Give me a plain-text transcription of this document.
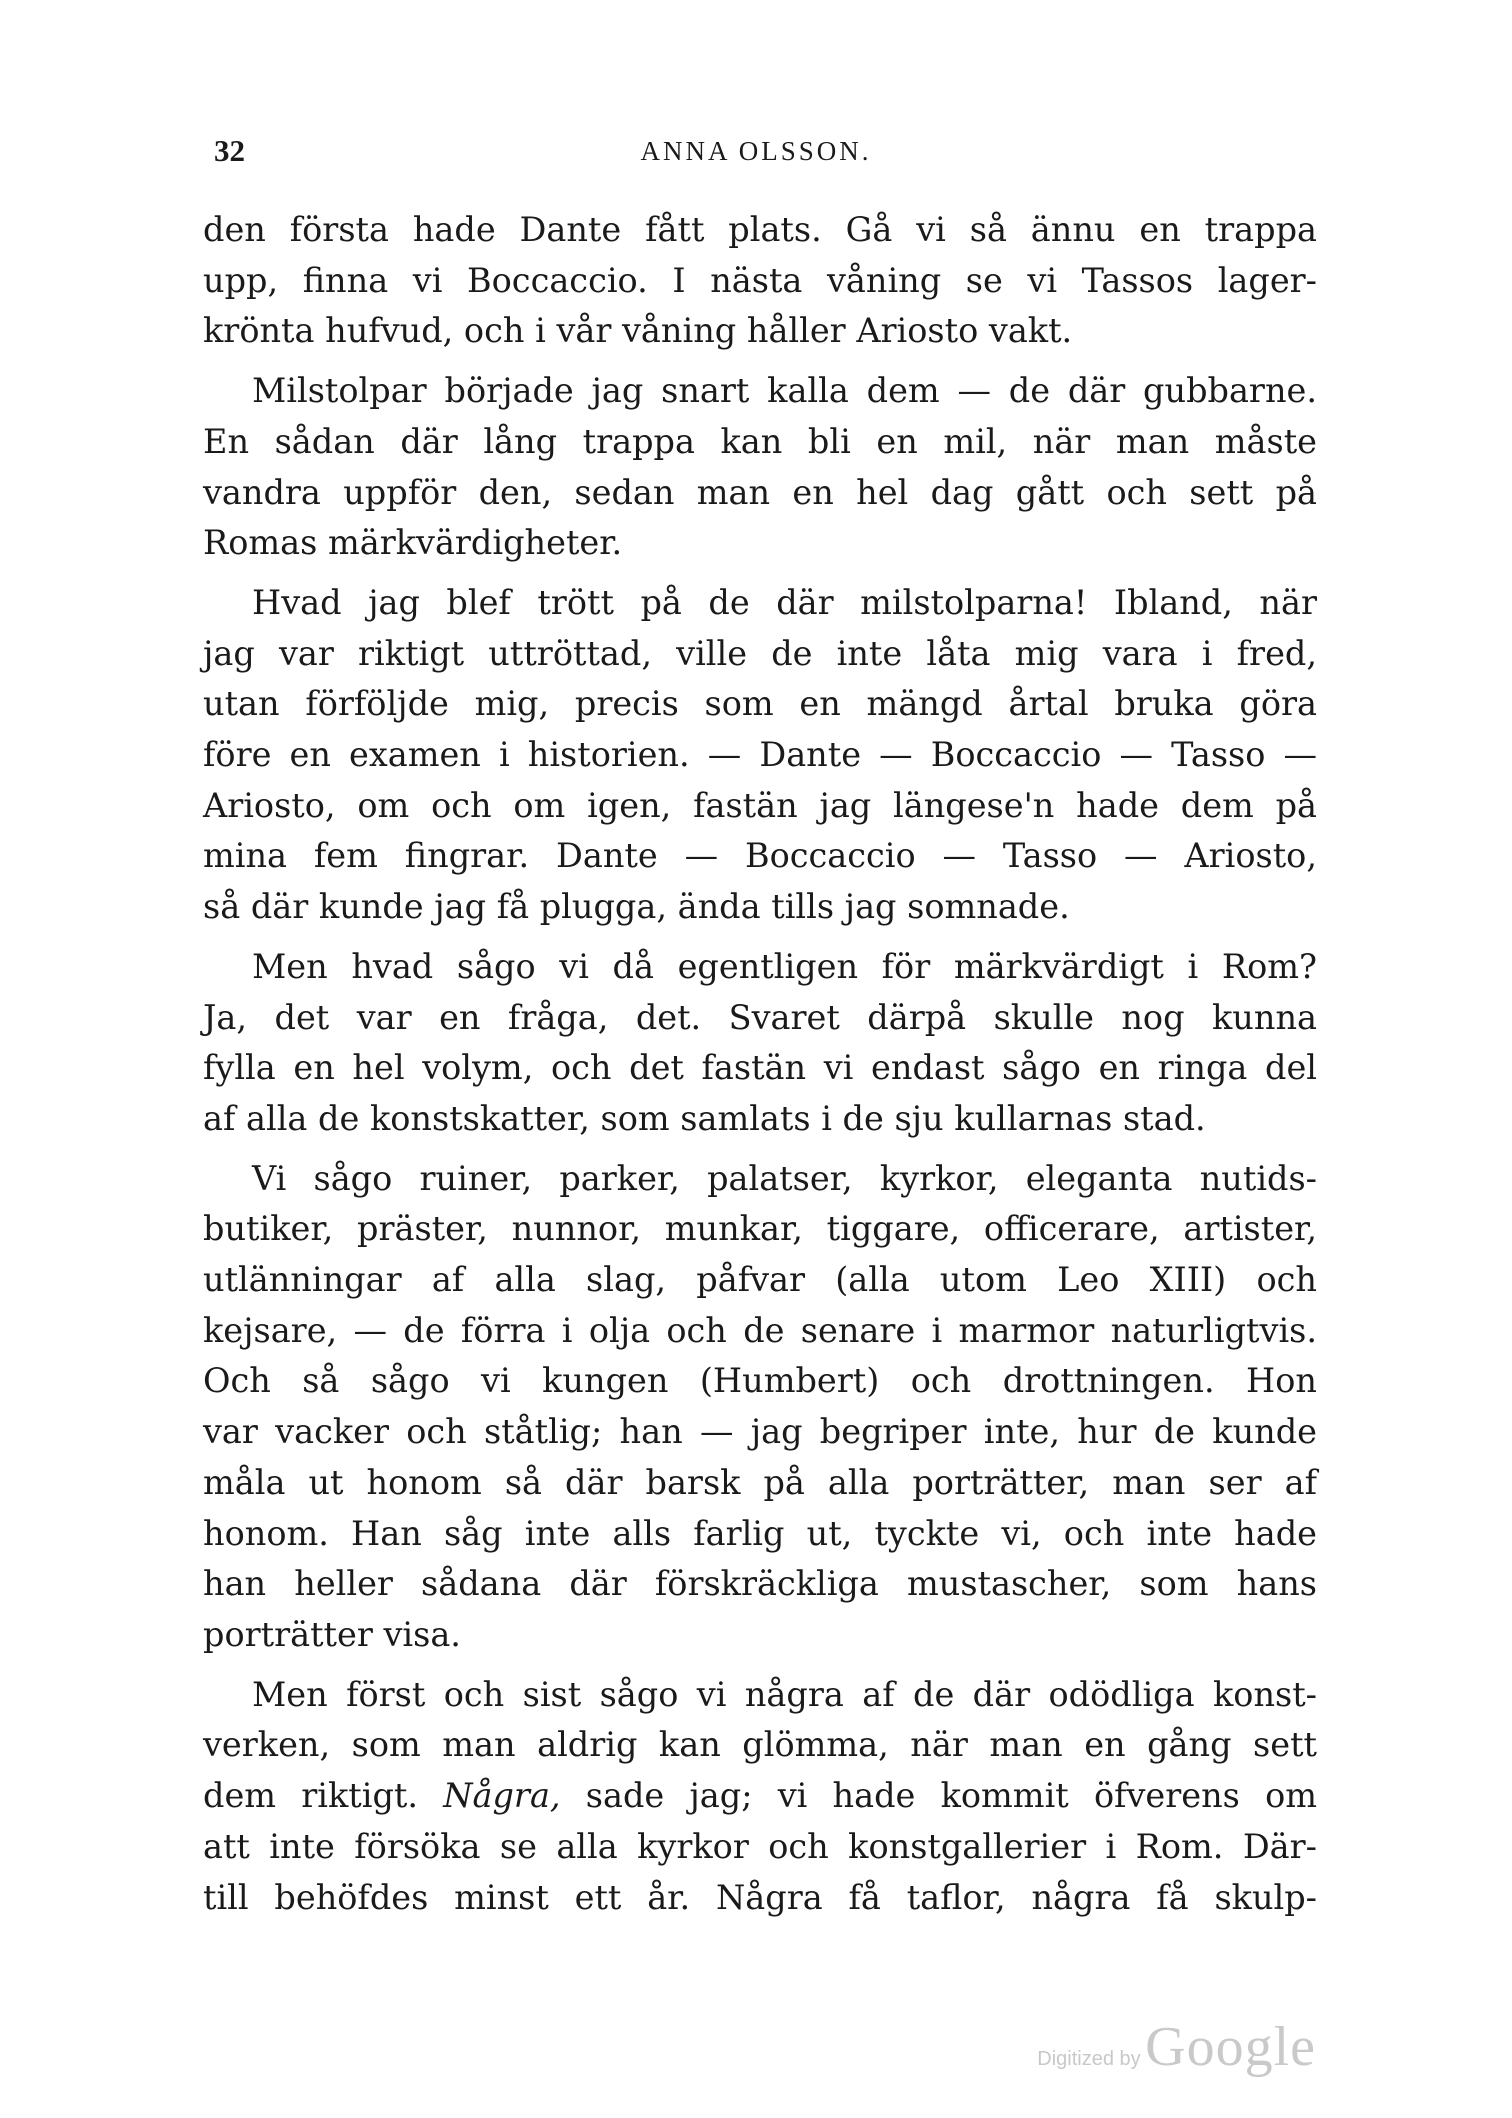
32	ANNA OLSSON.
den första hade Dante fått plats. Gå vi så ännu en trappa
upp, finna vi Boccaccio. I nästa våning se vi Tassos lager-
krönta hufvud, och i vår våning håller Ariosto vakt.
Milstolpar började jag snart kalla dem — de där gubbarne.
En sådan där lång trappa kan bli en mil, när man måste
vandra uppför den, sedan man en hel dag gått och sett på
Romas märkvärdigheter.
Hvad jag blef trött på de där milstolparna! Ibland, när
jag var riktigt uttröttad, ville de inte låta mig vara i fred,
utan förföljde mig, precis som en mängd årtal bruka göra
före en examen i historien. — Dante — Boccaccio — Tasso —
Ariosto, om och om igen, fastän jag längese'n hade dem på
mina fem fingrar. Dante — Boccaccio — Tasso — Ariosto,
så där kunde jag få plugga, ända tills jag somnade.
Men hvad sågo vi då egentligen för märkvärdigt i Rom?
Ja, det var en fråga, det. Svaret därpå skulle nog kunna
fylla en hel volym, och det fastän vi endast sågo en ringa del
af alla de konstskatter, som samlats i de sju kullarnas stad.
Vi sågo ruiner, parker, palatser, kyrkor, eleganta nutids-
butiker, präster, nunnor, munkar, tiggare, officerare, artister,
utlänningar af alla slag, påfvar (alla utom Leo XIII) och
kejsare, — de förra i olja och de senare i marmor naturligtvis.
Och så sågo vi kungen (Humbert) och drottningen. Hon
var vacker och ståtlig; han — jag begriper inte, hur de kunde
måla ut honom så där barsk på alla porträtter, man ser af
honom. Han såg inte alls farlig ut, tyckte vi, och inte hade
han heller sådana där förskräckliga mustascher, som hans
porträtter visa.
Men först och sist sågo vi några af de där odödliga konst-
verken, som man aldrig kan glömma, när man en gång sett
dem riktigt. Några, sade jag; vi hade kommit öfverens om
att inte försöka se alla kyrkor och konstgallerier i Rom. Där-
till behöfdes minst ett år. Några få taflor, några få skulp-
Digitized by Google
